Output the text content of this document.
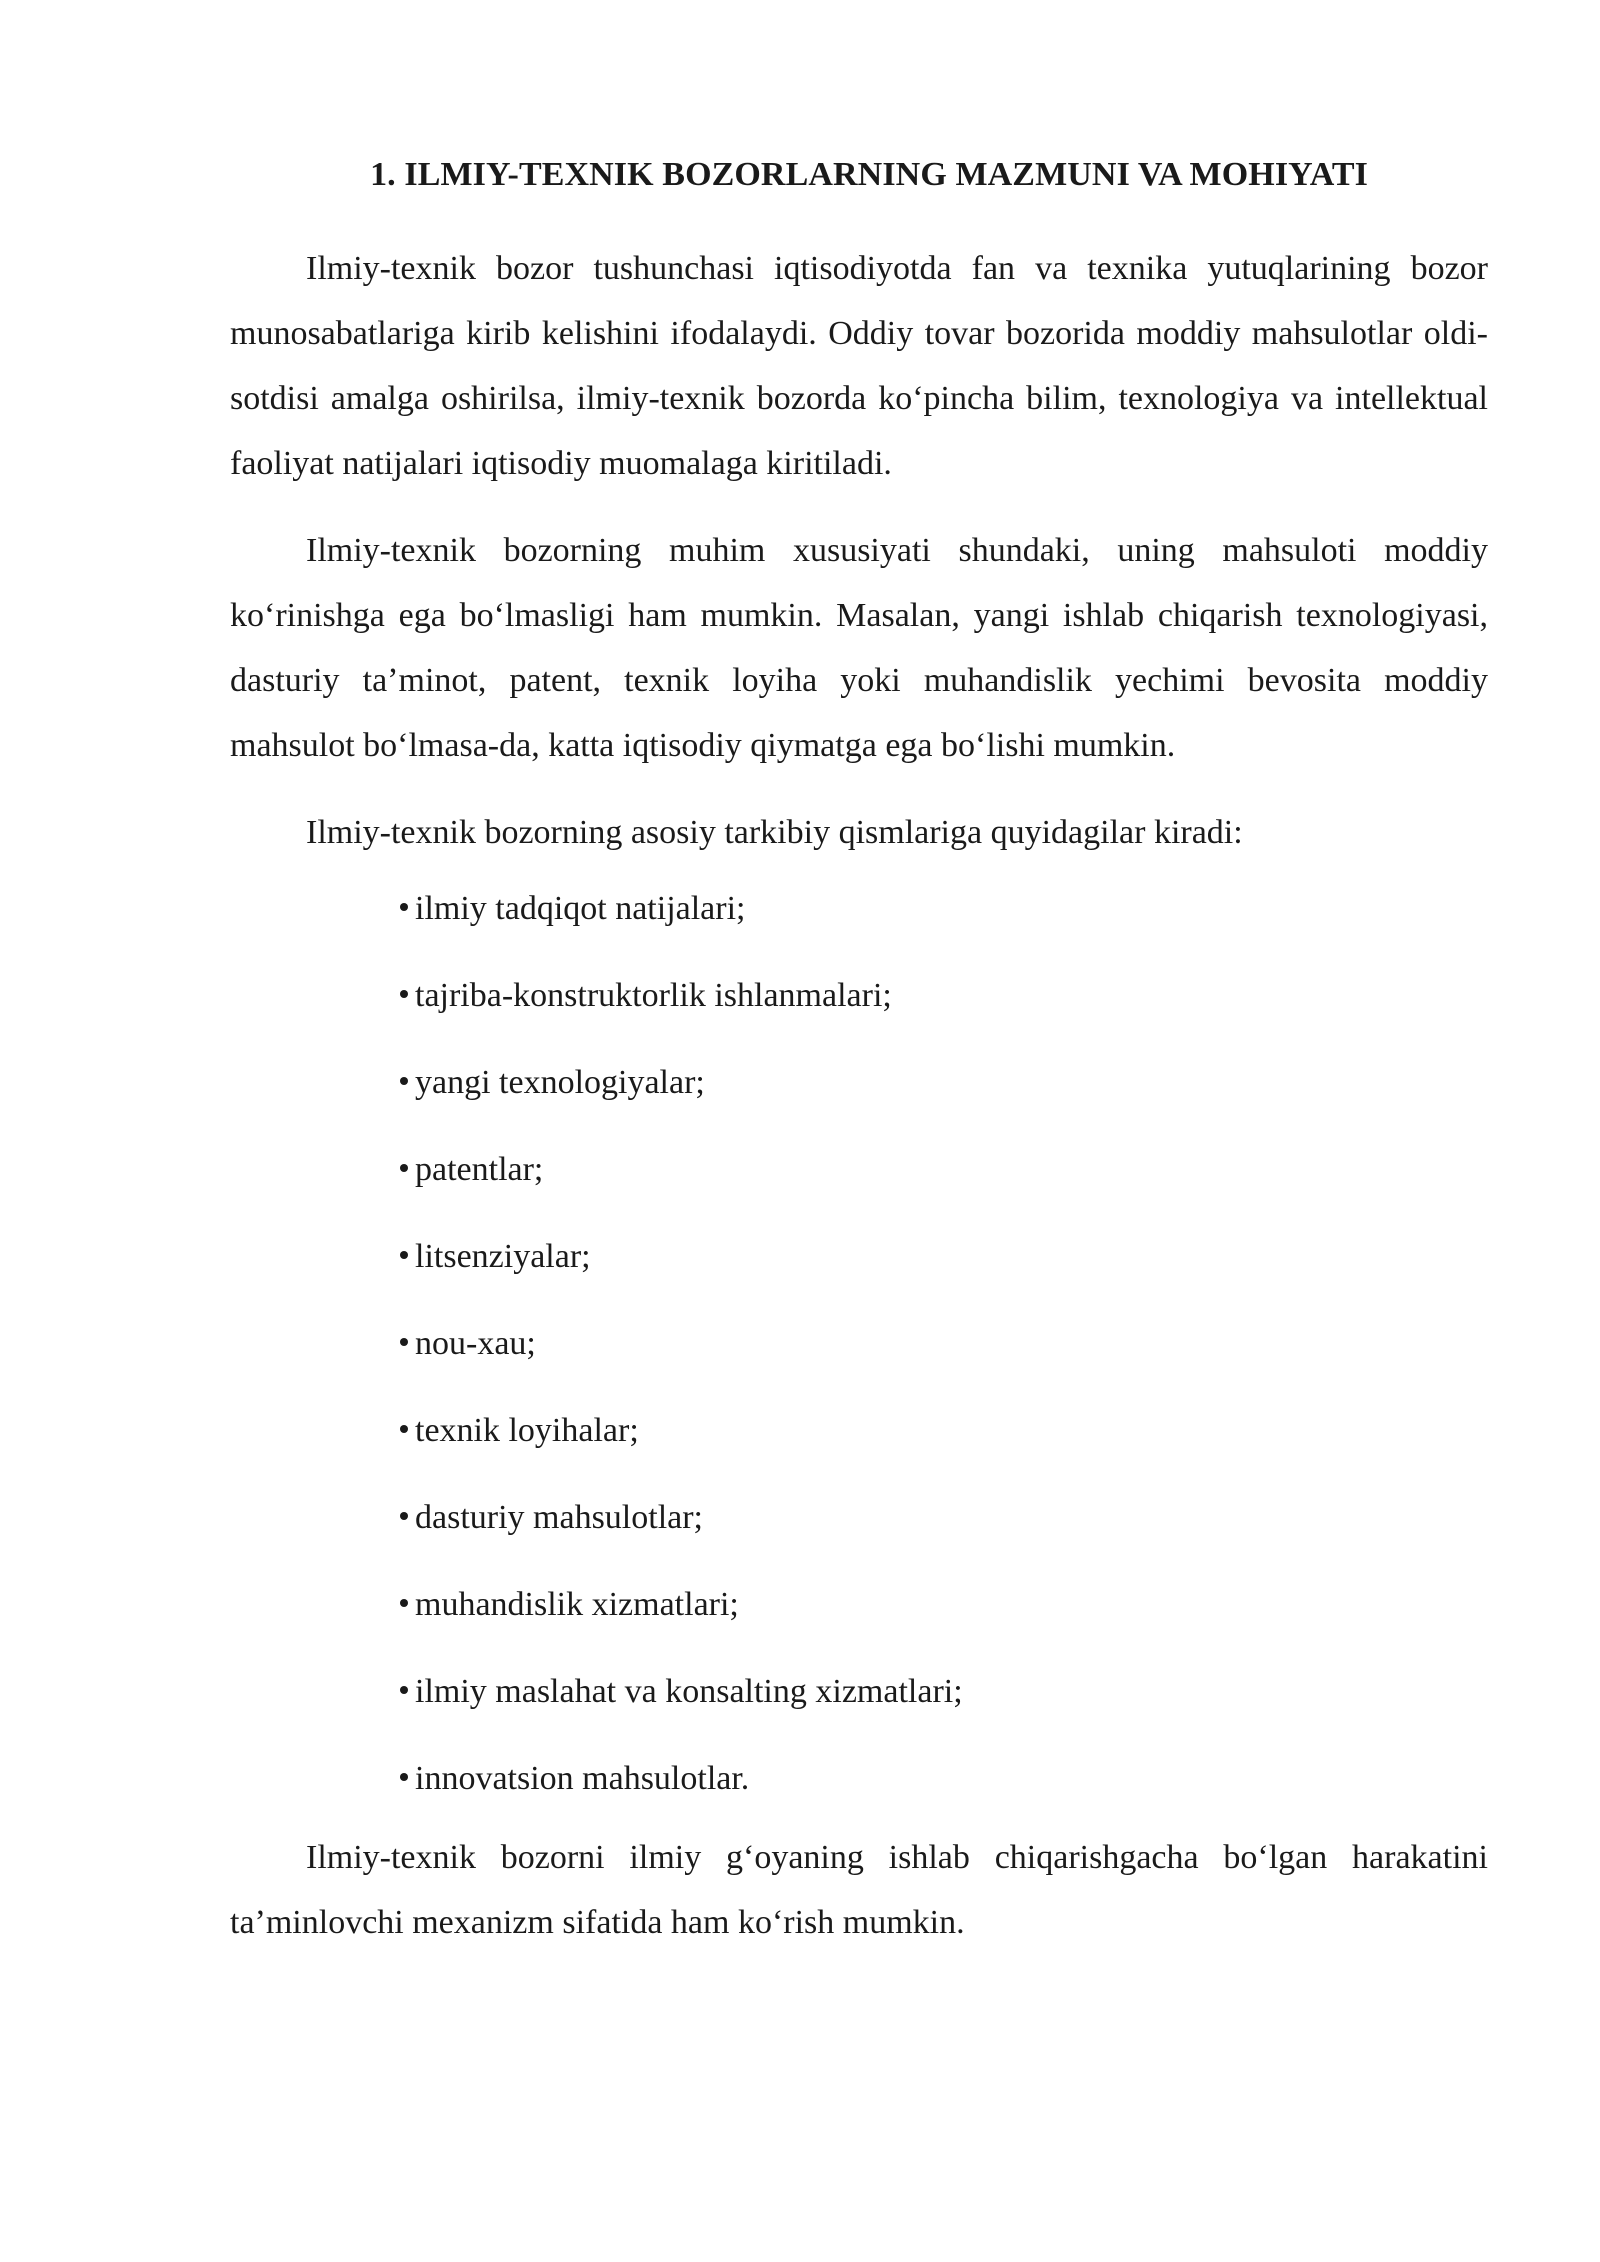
1. ILMIY-TEXNIK BOZORLARNING MAZMUNI VA MOHIYATI

Ilmiy-texnik bozor tushunchasi iqtisodiyotda fan va texnika yutuqlarining bozor munosabatlariga kirib kelishini ifodalaydi. Oddiy tovar bozorida moddiy mahsulotlar oldi-sotdisi amalga oshirilsa, ilmiy-texnik bozorda koʻpincha bilim, texnologiya va intellektual faoliyat natijalari iqtisodiy muomalaga kiritiladi.

Ilmiy-texnik bozorning muhim xususiyati shundaki, uning mahsuloti moddiy koʻrinishga ega boʻlmasligi ham mumkin. Masalan, yangi ishlab chiqarish texnologiyasi, dasturiy taʼminot, patent, texnik loyiha yoki muhandislik yechimi bevosita moddiy mahsulot boʻlmasa-da, katta iqtisodiy qiymatga ega boʻlishi mumkin.

Ilmiy-texnik bozorning asosiy tarkibiy qismlariga quyidagilar kiradi:

ilmiy tadqiqot natijalari;
tajriba-konstruktorlik ishlanmalari;
yangi texnologiyalar;
patentlar;
litsenziyalar;
nou-xau;
texnik loyihalar;
dasturiy mahsulotlar;
muhandislik xizmatlari;
ilmiy maslahat va konsalting xizmatlari;
innovatsion mahsulotlar.

Ilmiy-texnik bozorni ilmiy gʻoyaning ishlab chiqarishgacha boʻlgan harakatini taʼminlovchi mexanizm sifatida ham koʻrish mumkin.
